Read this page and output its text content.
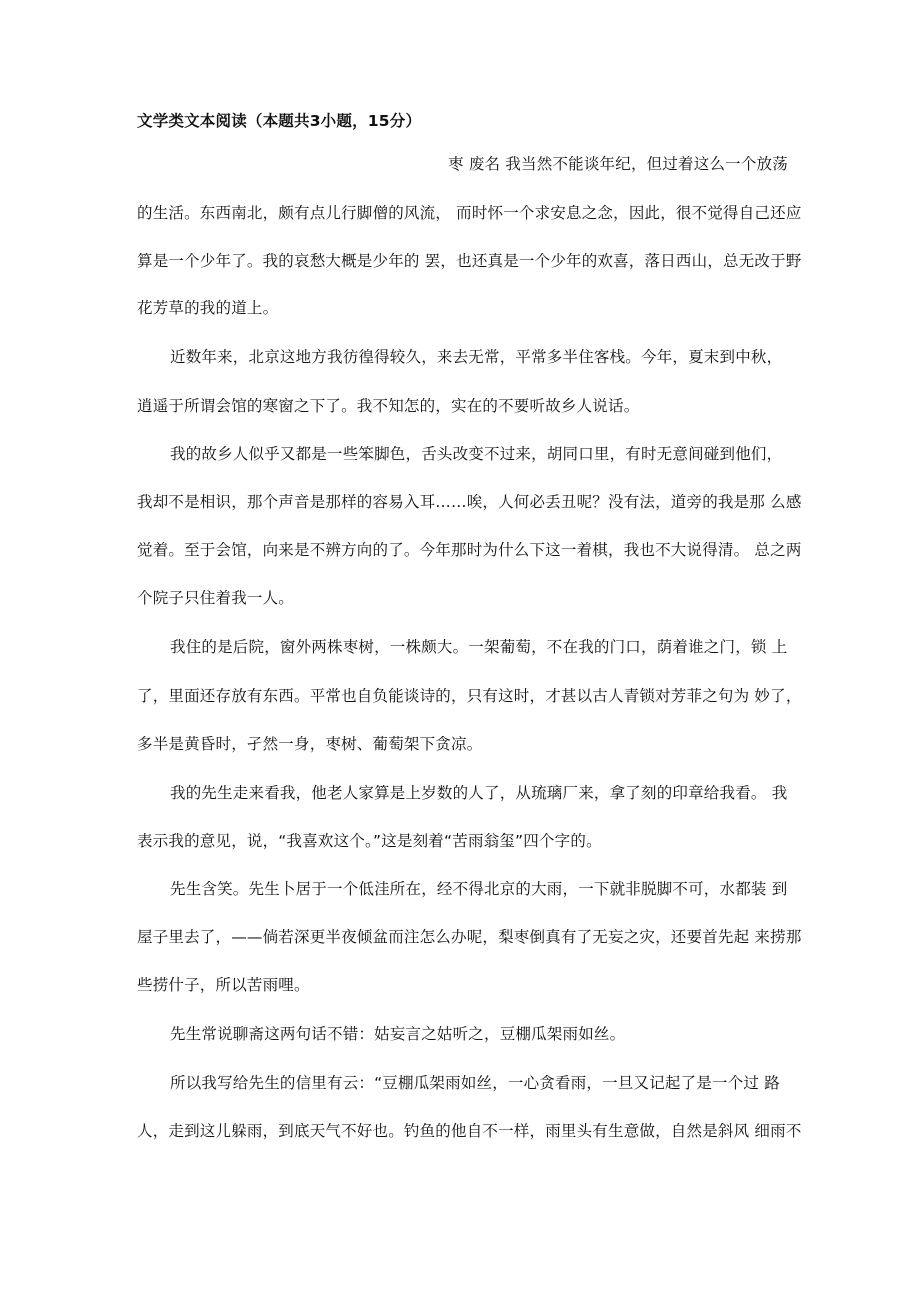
文学类文本阅读（本题共3小题，15分）
枣 废名 我当然不能谈年纪，但过着这么一个放荡
的生活。东西南北，颇有点儿行脚僧的风流， 而时怀一个求安息之念，因此，很不觉得自己还应
算是一个少年了。我的哀愁大概是少年的 罢，也还真是一个少年的欢喜，落日西山，总无改于野
花芳草的我的道上。
近数年来，北京这地方我彷徨得较久，来去无常，平常多半住客栈。今年，夏末到中秋，
逍遥于所谓会馆的寒窗之下了。我不知怎的，实在的不要听故乡人说话。
我的故乡人似乎又都是一些笨脚色，舌头改变不过来，胡同口里，有时无意间碰到他们，
我却不是相识，那个声音是那样的容易入耳……唉，人何必丢丑呢？没有法，道旁的我是那 么感
觉着。至于会馆，向来是不辨方向的了。今年那时为什么下这一着棋，我也不大说得清。 总之两
个院子只住着我一人。
我住的是后院，窗外两株枣树，一株颇大。一架葡萄，不在我的门口，荫着谁之门，锁 上
了，里面还存放有东西。平常也自负能谈诗的，只有这时，才甚以古人青锁对芳菲之句为 妙了，
多半是黄昏时，孑然一身，枣树、葡萄架下贪凉。
我的先生走来看我，他老人家算是上岁数的人了，从琉璃厂来，拿了刻的印章给我看。 我
表示我的意见，说，“我喜欢这个。”这是刻着“苦雨翁玺”四个字的。
先生含笑。先生卜居于一个低洼所在，经不得北京的大雨，一下就非脱脚不可，水都装 到
屋子里去了，——倘若深更半夜倾盆而注怎么办呢，梨枣倒真有了无妄之灾，还要首先起 来捞那
些捞什子，所以苦雨哩。
先生常说聊斋这两句话不错：姑妄言之姑听之，豆棚瓜架雨如丝。
所以我写给先生的信里有云：“豆棚瓜架雨如丝，一心贪看雨，一旦又记起了是一个过 路
人，走到这儿躲雨，到底天气不好也。钓鱼的他自不一样，雨里头有生意做，自然是斜风 细雨不
